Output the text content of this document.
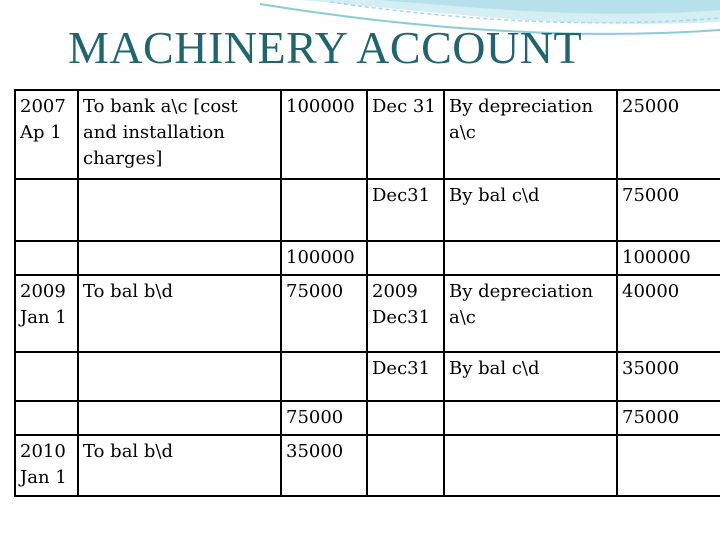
MACHINERY ACCOUNT
2007 Ap 1	To bank a\c [cost and installation charges]	100000	Dec 31	By depreciation a\c	25000
			Dec31	By bal c\d	75000
		100000			100000
2009 Jan 1	To bal b\d	75000	2009 Dec31	By depreciation a\c	40000
			Dec31	By bal c\d	35000
		75000			75000
2010 Jan 1	To bal b\d	35000			
